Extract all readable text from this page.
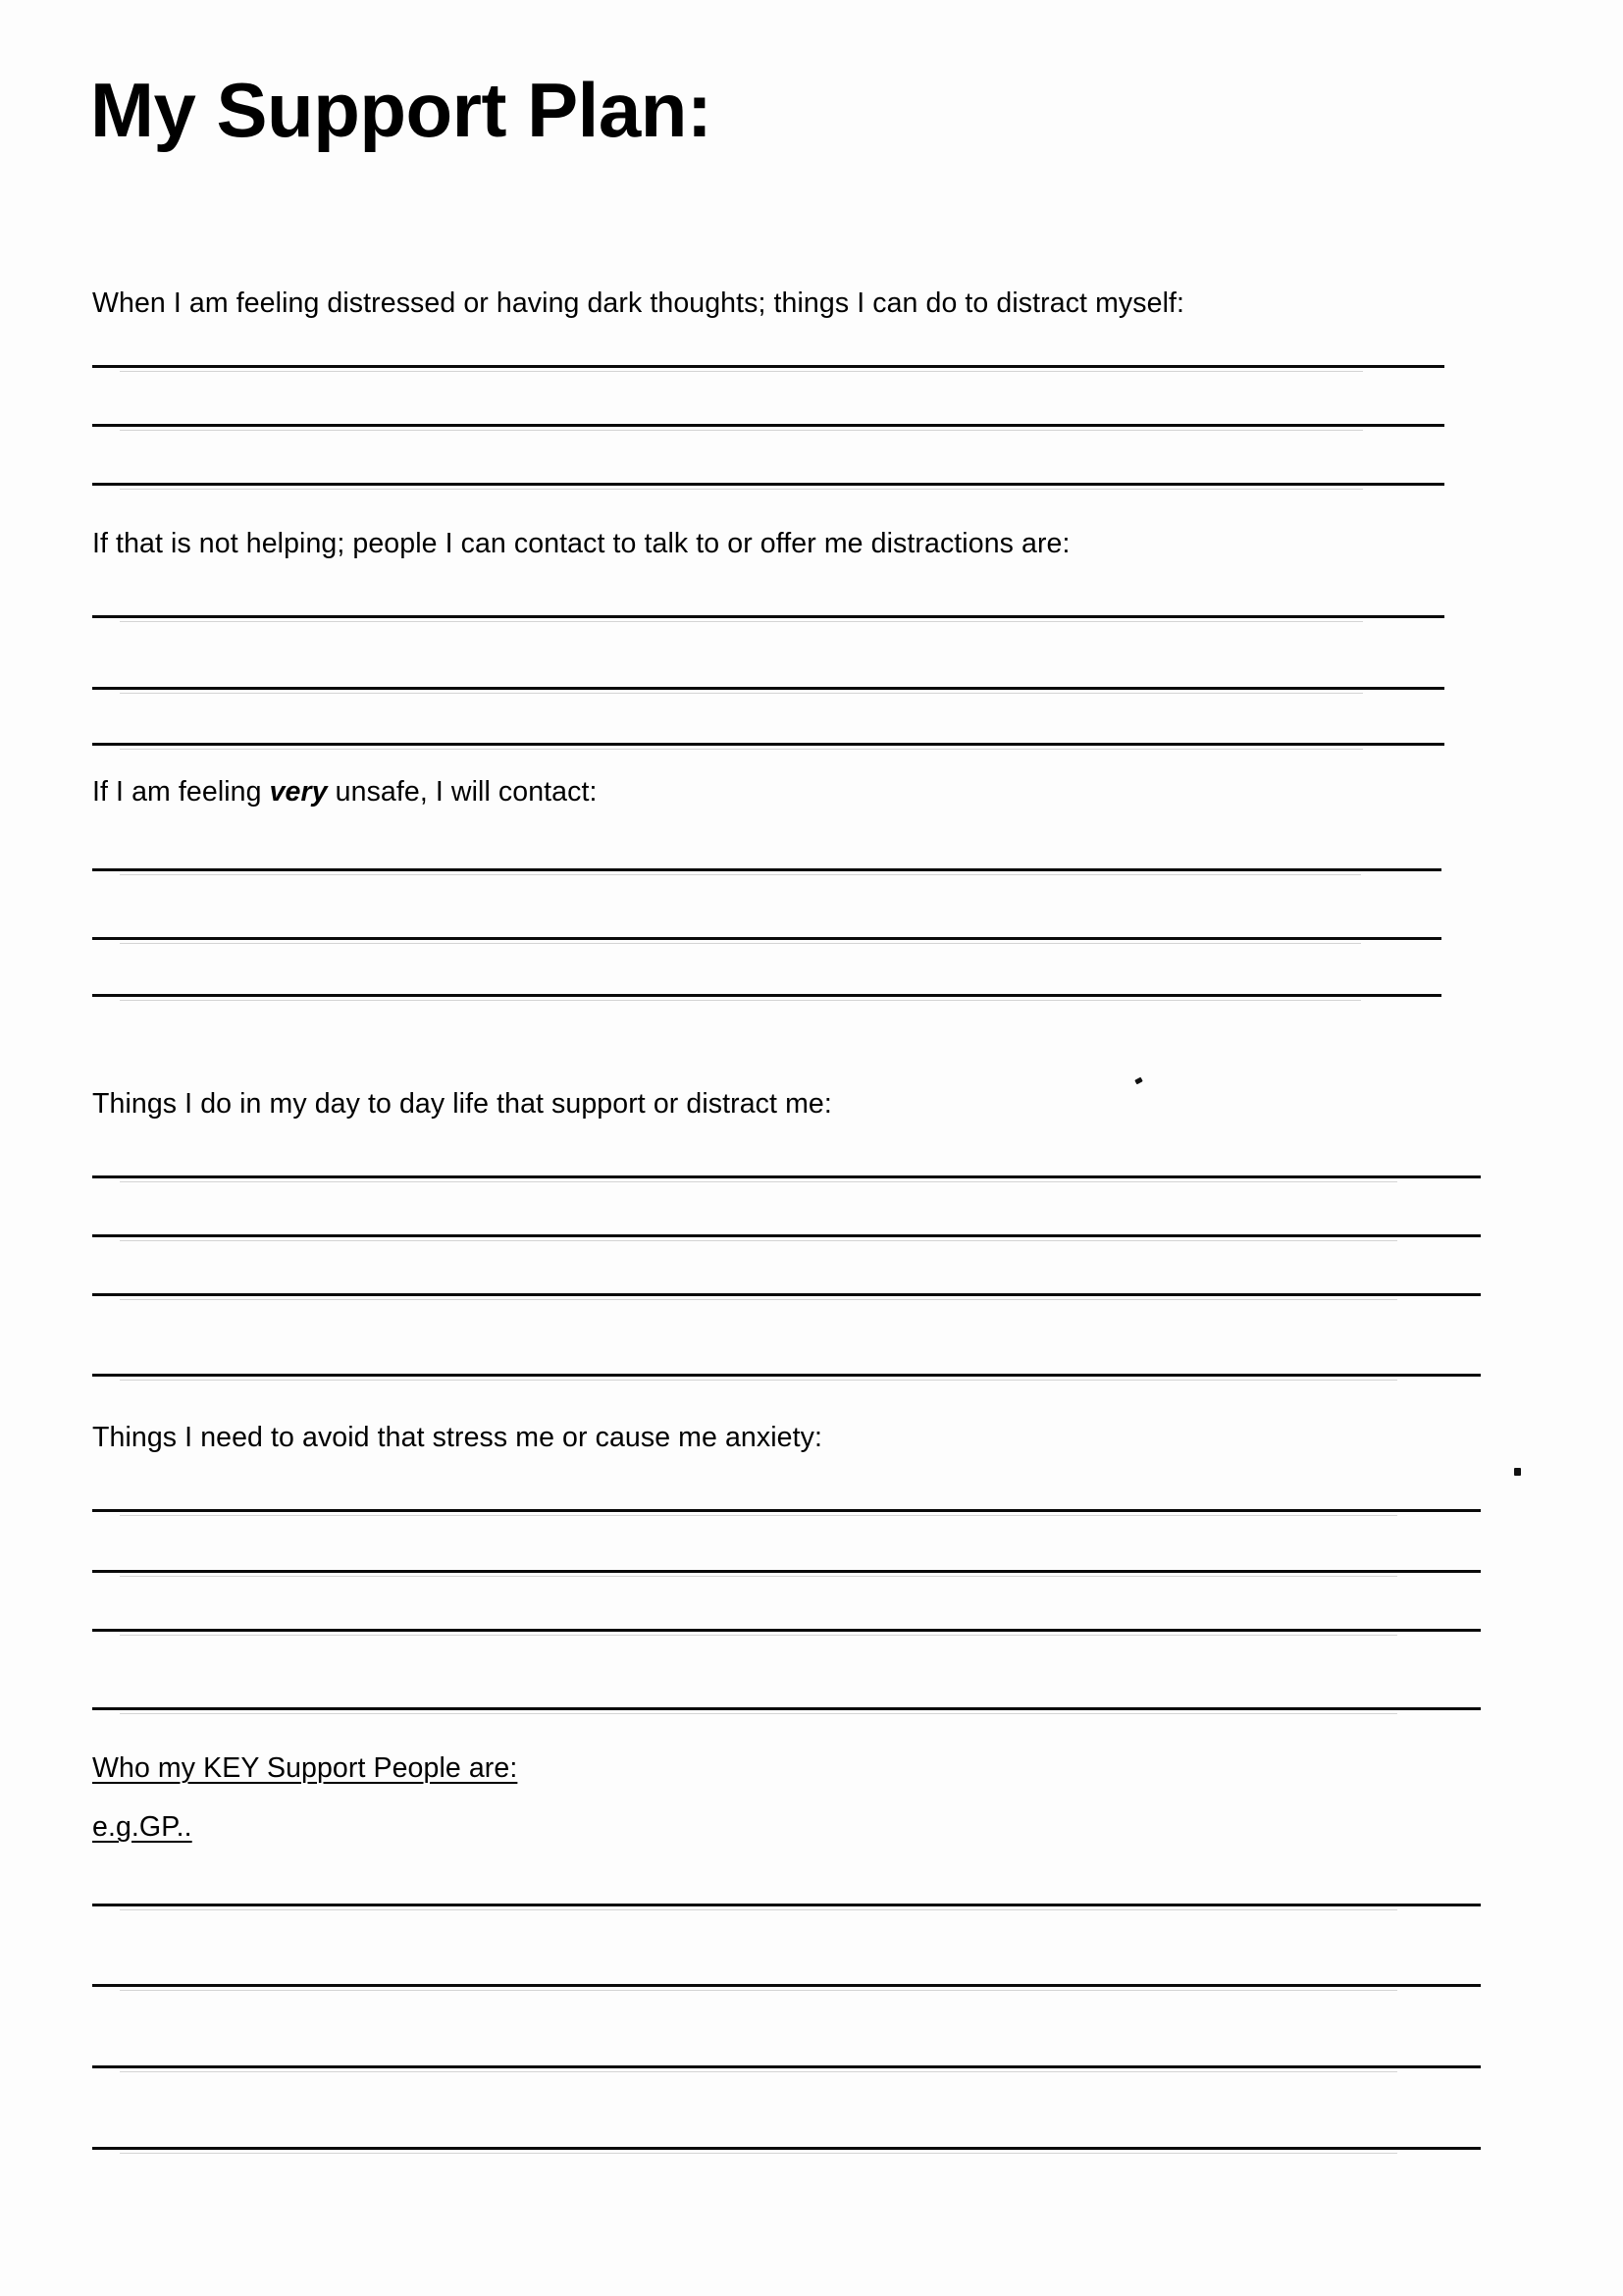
My Support Plan:
When I am feeling distressed or having dark thoughts; things I can do to distract myself:
If that is not helping; people I can contact to talk to or offer me distractions are:
If I am feeling very unsafe, I will contact:
Things I do in my day to day life that support or distract me:
Things I need to avoid that stress me or cause me anxiety:
Who my KEY Support People are:
e.g.GP..
